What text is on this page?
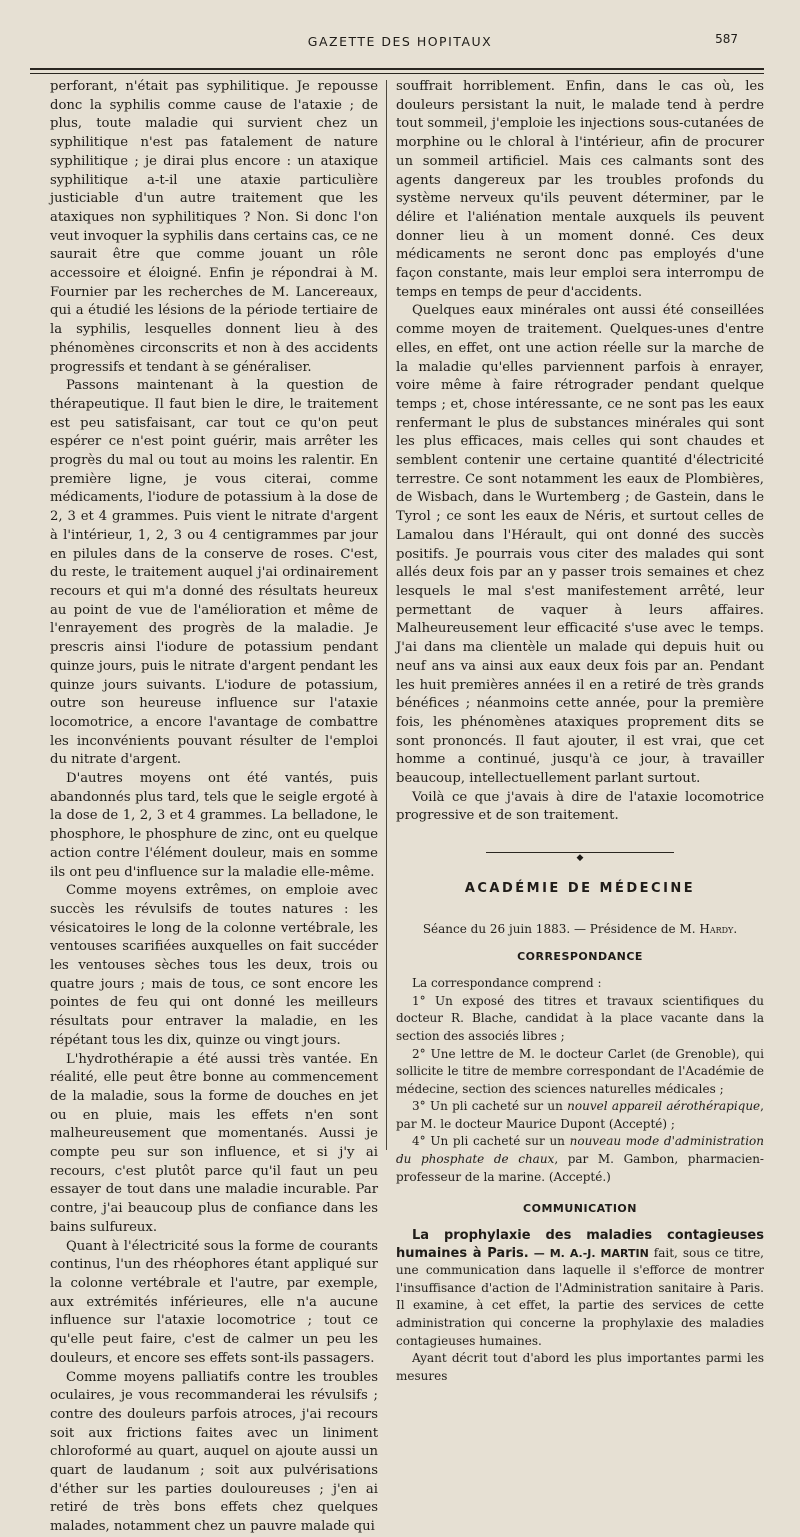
GAZETTE DES HOPITAUX	587

perforant, n'était pas syphilitique. Je repousse donc la syphilis comme cause de l'ataxie ; de plus, toute maladie qui survient chez un syphilitique n'est pas fatalement de nature syphilitique ; je dirai plus encore : un ataxique syphilitique a-t-il une ataxie particulière justiciable d'un autre traitement que les ataxiques non syphilitiques ? Non. Si donc l'on veut invoquer la syphilis dans certains cas, ce ne saurait être que comme jouant un rôle accessoire et éloigné. Enfin je répondrai à M. Fournier par les recherches de M. Lancereaux, qui a étudié les lésions de la période tertiaire de la syphilis, lesquelles donnent lieu à des phénomènes circonscrits et non à des accidents progressifs et tendant à se généraliser.

Passons maintenant à la question de thérapeutique. Il faut bien le dire, le traitement est peu satisfaisant, car tout ce qu'on peut espérer ce n'est point guérir, mais arrêter les progrès du mal ou tout au moins les ralentir. En première ligne, je vous citerai, comme médicaments, l'iodure de potassium à la dose de 2, 3 et 4 grammes. Puis vient le nitrate d'argent à l'intérieur, 1, 2, 3 ou 4 centigrammes par jour en pilules dans de la conserve de roses. C'est, du reste, le traitement auquel j'ai ordinairement recours et qui m'a donné des résultats heureux au point de vue de l'amélioration et même de l'enrayement des progrès de la maladie. Je prescris ainsi l'iodure de potassium pendant quinze jours, puis le nitrate d'argent pendant les quinze jours suivants. L'iodure de potassium, outre son heureuse influence sur l'ataxie locomotrice, a encore l'avantage de combattre les inconvénients pouvant résulter de l'emploi du nitrate d'argent.

D'autres moyens ont été vantés, puis abandonnés plus tard, tels que le seigle ergoté à la dose de 1, 2, 3 et 4 grammes. La belladone, le phosphore, le phosphure de zinc, ont eu quelque action contre l'élément douleur, mais en somme ils ont peu d'influence sur la maladie elle-même.

Comme moyens extrêmes, on emploie avec succès les révulsifs de toutes natures : les vésicatoires le long de la colonne vertébrale, les ventouses scarifiées auxquelles on fait succéder les ventouses sèches tous les deux, trois ou quatre jours ; mais de tous, ce sont encore les pointes de feu qui ont donné les meilleurs résultats pour entraver la maladie, en les répétant tous les dix, quinze ou vingt jours.

L'hydrothérapie a été aussi très vantée. En réalité, elle peut être bonne au commencement de la maladie, sous la forme de douches en jet ou en pluie, mais les effets n'en sont malheureusement que momentanés. Aussi je compte peu sur son influence, et si j'y ai recours, c'est plutôt parce qu'il faut un peu essayer de tout dans une maladie incurable. Par contre, j'ai beaucoup plus de confiance dans les bains sulfureux.

Quant à l'électricité sous la forme de courants continus, l'un des rhéophores étant appliqué sur la colonne vertébrale et l'autre, par exemple, aux extrémités inférieures, elle n'a aucune influence sur l'ataxie locomotrice ; tout ce qu'elle peut faire, c'est de calmer un peu les douleurs, et encore ses effets sont-ils passagers.

Comme moyens palliatifs contre les troubles oculaires, je vous recommanderai les révulsifs ; contre des douleurs parfois atroces, j'ai recours soit aux frictions faites avec un liniment chloroformé au quart, auquel on ajoute aussi un quart de laudanum ; soit aux pulvérisations d'éther sur les parties douloureuses ; j'en ai retiré de très bons effets chez quelques malades, notamment chez un pauvre malade qui

souffrait horriblement. Enfin, dans le cas où, les douleurs persistant la nuit, le malade tend à perdre tout sommeil, j'emploie les injections sous-cutanées de morphine ou le chloral à l'intérieur, afin de procurer un sommeil artificiel. Mais ces calmants sont des agents dangereux par les troubles profonds du système nerveux qu'ils peuvent déterminer, par le délire et l'aliénation mentale auxquels ils peuvent donner lieu à un moment donné. Ces deux médicaments ne seront donc pas employés d'une façon constante, mais leur emploi sera interrompu de temps en temps de peur d'accidents.

Quelques eaux minérales ont aussi été conseillées comme moyen de traitement. Quelques-unes d'entre elles, en effet, ont une action réelle sur la marche de la maladie qu'elles parviennent parfois à enrayer, voire même à faire rétrograder pendant quelque temps ; et, chose intéressante, ce ne sont pas les eaux renfermant le plus de substances minérales qui sont les plus efficaces, mais celles qui sont chaudes et semblent contenir une certaine quantité d'électricité terrestre. Ce sont notamment les eaux de Plombières, de Wisbach, dans le Wurtemberg ; de Gastein, dans le Tyrol ; ce sont les eaux de Néris, et surtout celles de Lamalou dans l'Hérault, qui ont donné des succès positifs. Je pourrais vous citer des malades qui sont allés deux fois par an y passer trois semaines et chez lesquels le mal s'est manifestement arrêté, leur permettant de vaquer à leurs affaires. Malheureusement leur efficacité s'use avec le temps. J'ai dans ma clientèle un malade qui depuis huit ou neuf ans va ainsi aux eaux deux fois par an. Pendant les huit premières années il en a retiré de très grands bénéfices ; néanmoins cette année, pour la première fois, les phénomènes ataxiques proprement dits se sont prononcés. Il faut ajouter, il est vrai, que cet homme a continué, jusqu'à ce jour, à travailler beaucoup, intellectuellement parlant surtout.

Voilà ce que j'avais à dire de l'ataxie locomotrice progressive et de son traitement.

◆
ACADÉMIE DE MÉDECINE

Séance du 26 juin 1883. — Présidence de M. Hardy.

CORRESPONDANCE

La correspondance comprend :

1° Un exposé des titres et travaux scientifiques du docteur R. Blache, candidat à la place vacante dans la section des associés libres ;

2° Une lettre de M. le docteur Carlet (de Grenoble), qui sollicite le titre de membre correspondant de l'Académie de médecine, section des sciences naturelles médicales ;

3° Un pli cacheté sur un nouvel appareil aérothérapique, par M. le docteur Maurice Dupont (Accepté) ;

4° Un pli cacheté sur un nouveau mode d'administration du phosphate de chaux, par M. Gambon, pharmacien-professeur de la marine. (Accepté.)

COMMUNICATION

La prophylaxie des maladies contagieuses humaines à Paris. — M. A.-J. MARTIN fait, sous ce titre, une communication dans laquelle il s'efforce de montrer l'insuffisance d'action de l'Administration sanitaire à Paris. Il examine, à cet effet, la partie des services de cette administration qui concerne la prophylaxie des maladies contagieuses humaines.

Ayant décrit tout d'abord les plus importantes parmi les mesures
